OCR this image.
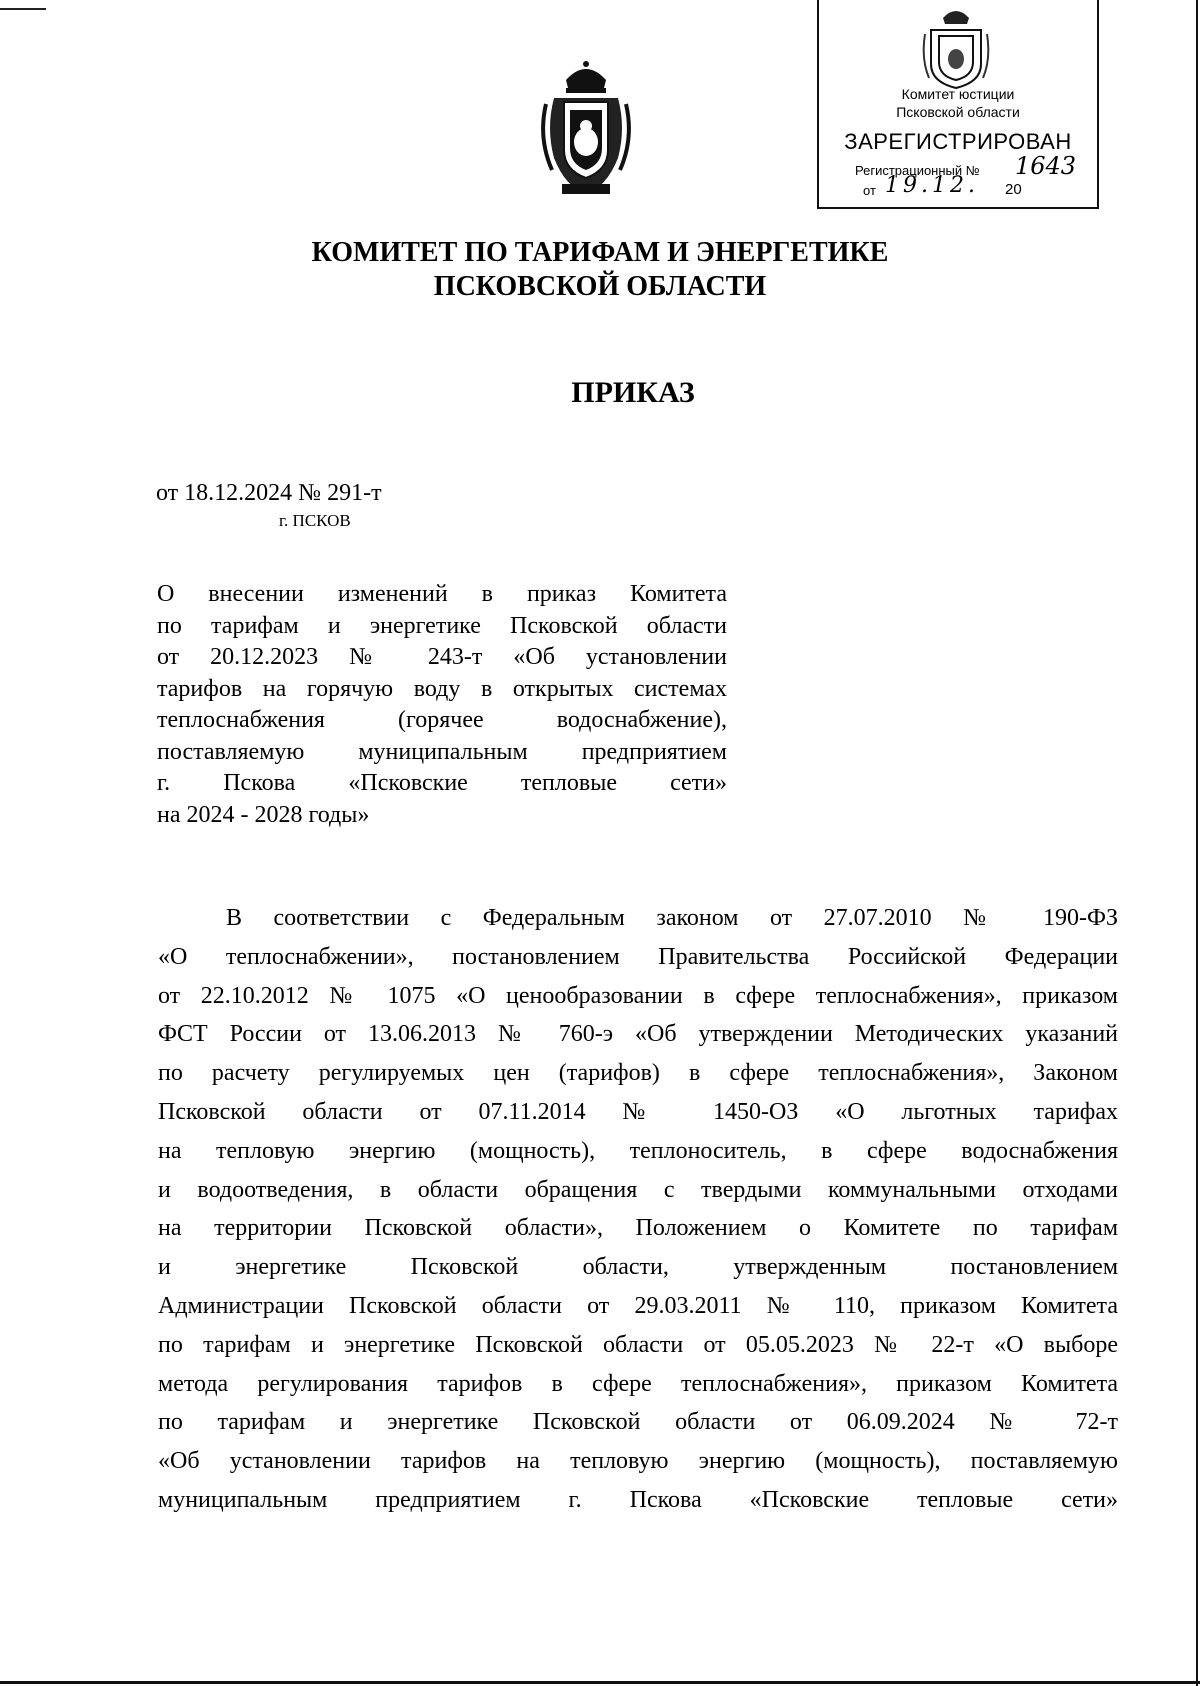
Комитет юстиции
Псковской области
ЗАРЕГИСТРИРОВАН
Регистрационный № 1643
от 19.12. 20
КОМИТЕТ ПО ТАРИФАМ И ЭНЕРГЕТИКЕ
ПСКОВСКОЙ ОБЛАСТИ
ПРИКАЗ
от 18.12.2024 № 291-т
г. ПСКОВ
О внесении изменений в приказ Комитета
по тарифам и энергетике Псковской области
от 20.12.2023 № 243-т «Об установлении
тарифов на горячую воду в открытых системах
теплоснабжения (горячее водоснабжение),
поставляемую муниципальным предприятием
г. Пскова «Псковские тепловые сети»
на 2024 - 2028 годы»
В соответствии с Федеральным законом от 27.07.2010 № 190-ФЗ
«О теплоснабжении», постановлением Правительства Российской Федерации
от 22.10.2012 № 1075 «О ценообразовании в сфере теплоснабжения», приказом
ФСТ России от 13.06.2013 № 760-э «Об утверждении Методических указаний
по расчету регулируемых цен (тарифов) в сфере теплоснабжения», Законом
Псковской области от 07.11.2014 № 1450-ОЗ «О льготных тарифах
на тепловую энергию (мощность), теплоноситель, в сфере водоснабжения
и водоотведения, в области обращения с твердыми коммунальными отходами
на территории Псковской области», Положением о Комитете по тарифам
и энергетике Псковской области, утвержденным постановлением
Администрации Псковской области от 29.03.2011 № 110, приказом Комитета
по тарифам и энергетике Псковской области от 05.05.2023 № 22-т «О выборе
метода регулирования тарифов в сфере теплоснабжения», приказом Комитета
по тарифам и энергетике Псковской области от 06.09.2024 № 72-т
«Об установлении тарифов на тепловую энергию (мощность), поставляемую
муниципальным предприятием г. Пскова «Псковские тепловые сети»
